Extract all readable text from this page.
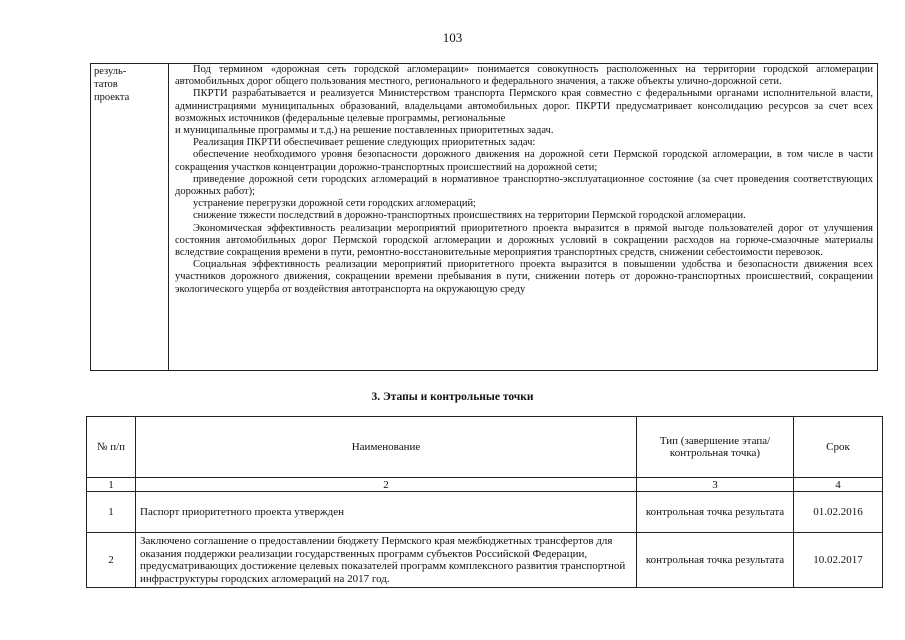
103
резуль-
татов
проекта

Под термином «дорожная сеть городской агломерации» понимается совокупность расположенных на территории городской агломерации автомобильных дорог общего пользования местного, регионального и федерального значения, а также объекты улично-дорожной сети.

ПКРТИ разрабатывается и реализуется Министерством транспорта Пермского края совместно с федеральными органами исполнительной власти, администрациями муниципальных образований, владельцами автомобильных дорог. ПКРТИ предусматривает консолидацию ресурсов за счет всех возможных источников (федеральные целевые программы, региональные

и муниципальные программы и т.д.) на решение поставленных приоритетных задач.

Реализация ПКРТИ обеспечивает решение следующих приоритетных задач:

обеспечение необходимого уровня безопасности дорожного движения на дорожной сети Пермской городской агломерации, в том числе в части сокращения участков концентрации дорожно-транспортных происшествий на дорожной сети;

приведение дорожной сети городских агломераций в нормативное транспортно-эксплуатационное состояние (за счет проведения соответствующих дорожных работ);

устранение перегрузки дорожной сети городских агломераций;

снижение тяжести последствий в дорожно-транспортных происшествиях на территории Пермской городской агломерации.

Экономическая эффективность реализации мероприятий приоритетного проекта выразится в прямой выгоде пользователей дорог от улучшения состояния автомобильных дорог Пермской городской агломерации и дорожных условий в сокращении расходов на горюче-смазочные материалы вследствие сокращения времени в пути, ремонтно-восстановительные мероприятия транспортных средств, снижении себестоимости перевозок.

Социальная эффективность реализации мероприятий приоритетного проекта выразится в повышении удобства и безопасности движения всех участников дорожного движения, сокращении времени пребывания в пути, снижении потерь от дорожно-транспортных происшествий, сокращении экологического ущерба от воздействия автотранспорта на окружающую среду

3. Этапы и контрольные точки
№ п/п	Наименование	Тип (завершение этапа/контрольная точка)	Срок
1	2	3	4
1	Паспорт приоритетного проекта утвержден	контрольная точка результата	01.02.2016
2	Заключено соглашение о предоставлении бюджету Пермского края межбюджетных трансфертов для оказания поддержки реализации государственных программ субъектов Российской Федерации, предусматривающих достижение целевых показателей программ комплексного развития транспортной инфраструктуры городских агломераций на 2017 год.	контрольная точка результата	10.02.2017
